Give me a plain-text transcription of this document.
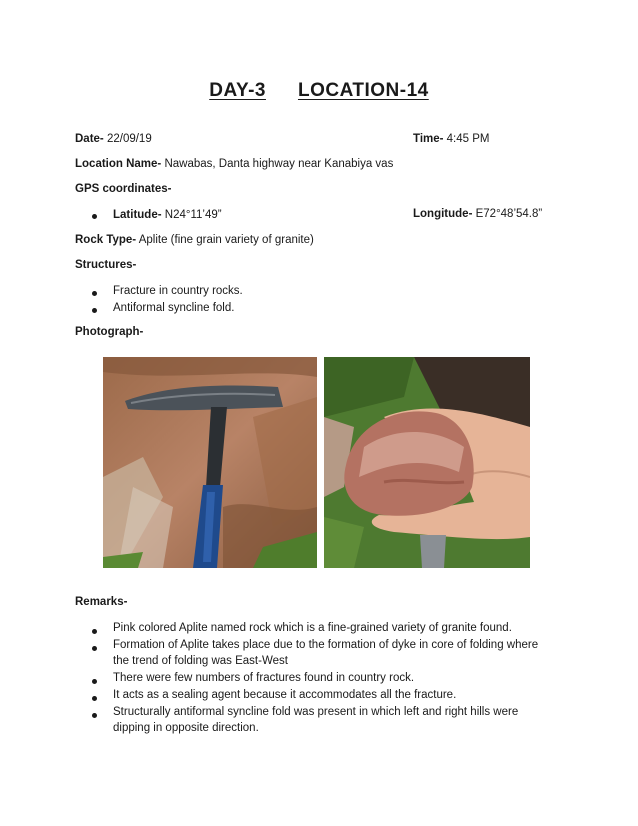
DAY-3 LOCATION-14
Date- 22/09/19	Time- 4:45 PM
Location Name- Nawabas, Danta highway near Kanabiya vas
GPS coordinates-
Latitude- N24°11’49”	Longitude- E72°48’54.8”
Rock Type- Aplite (fine grain variety of granite)
Structures-
Fracture in country rocks.
Antiformal syncline fold.
Photograph-
Remarks-
Pink colored Aplite named rock which is a fine-grained variety of granite found.
Formation of Aplite takes place due to the formation of dyke in core of folding where the trend of folding was East-West
There were few numbers of fractures found in country rock.
It acts as a sealing agent because it accommodates all the fracture.
Structurally antiformal syncline fold was present in which left and right hills were dipping in opposite direction.
